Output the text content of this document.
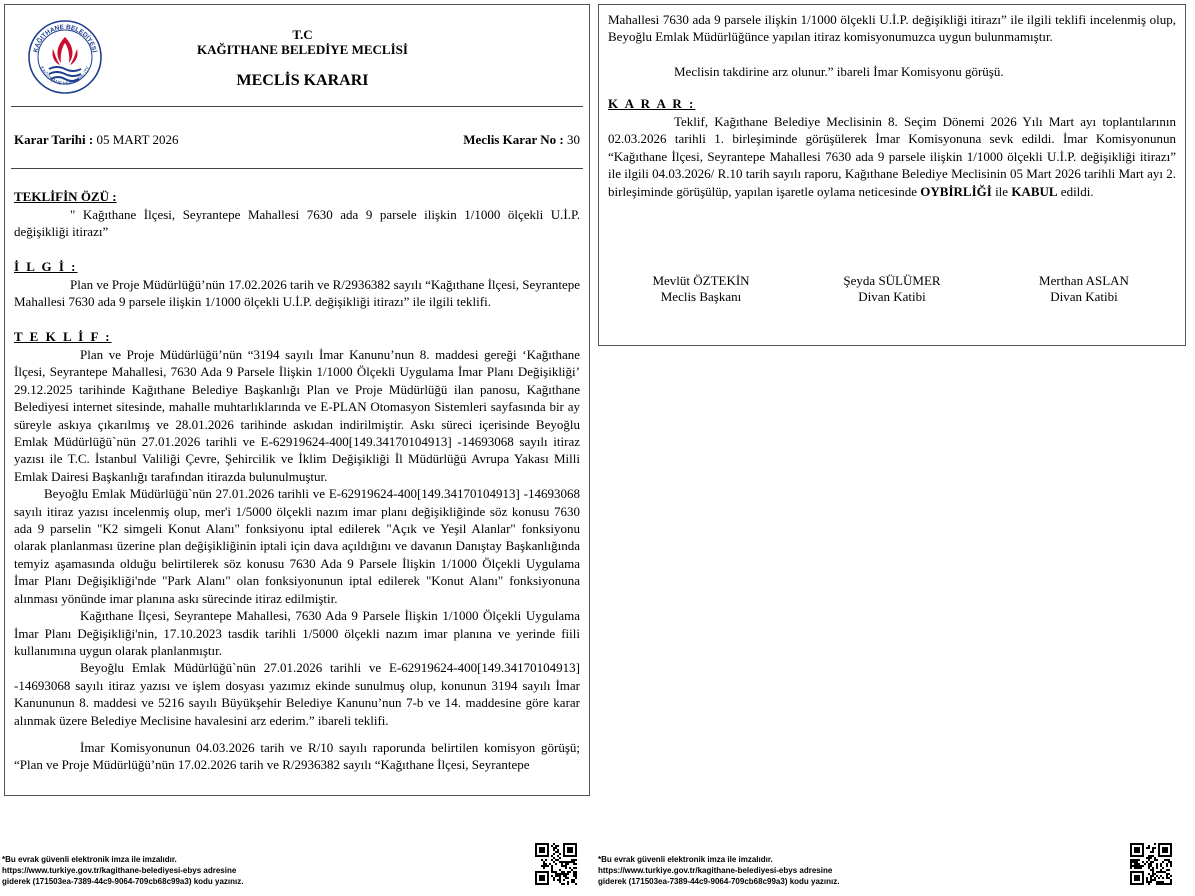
KAĞITHANE BELEDİYESİ
KAĞITHANE MUNICIPALITY
T.C
KAĞITHANE BELEDİYE MECLİSİ
MECLİS KARARI
Karar Tarihi : 05 MART 2026	Meclis Karar No : 30
TEKLİFİN ÖZÜ :
" Kağıthane İlçesi, Seyrantepe Mahallesi 7630 ada 9 parsele ilişkin 1/1000 ölçekli U.İ.P. değişikliği itirazı”
İ L G İ :
Plan ve Proje Müdürlüğü’nün 17.02.2026 tarih ve R/2936382 sayılı “Kağıthane İlçesi, Seyrantepe Mahallesi 7630 ada 9 parsele ilişkin 1/1000 ölçekli U.İ.P. değişikliği itirazı” ile ilgili teklifi.
T E K L İ F :
Plan ve Proje Müdürlüğü’nün “3194 sayılı İmar Kanunu’nun 8. maddesi gereği ‘Kağıthane İlçesi, Seyrantepe Mahallesi, 7630 Ada 9 Parsele İlişkin 1/1000 Ölçekli Uygulama İmar Planı Değişikliği’ 29.12.2025 tarihinde Kağıthane Belediye Başkanlığı Plan ve Proje Müdürlüğü ilan panosu, Kağıthane Belediyesi internet sitesinde, mahalle muhtarlıklarında ve E-PLAN Otomasyon Sistemleri sayfasında bir ay süreyle askıya çıkarılmış ve 28.01.2026 tarihinde askıdan indirilmiştir. Askı süreci içerisinde Beyoğlu Emlak Müdürlüğü`nün 27.01.2026 tarihli ve E-62919624-400[149.34170104913] -14693068 sayılı itiraz yazısı ile T.C. İstanbul Valiliği Çevre, Şehircilik ve İklim Değişikliği İl Müdürlüğü Avrupa Yakası Milli Emlak Dairesi Başkanlığı tarafından itirazda bulunulmuştur.
Beyoğlu Emlak Müdürlüğü`nün 27.01.2026 tarihli ve E-62919624-400[149.34170104913] -14693068 sayılı itiraz yazısı incelenmiş olup, mer'i 1/5000 ölçekli nazım imar planı değişikliğinde söz konusu 7630 ada 9 parselin "K2 simgeli Konut Alanı" fonksiyonu iptal edilerek "Açık ve Yeşil Alanlar" fonksiyonu olarak planlanması üzerine plan değişikliğinin iptali için dava açıldığını ve davanın Danıştay Başkanlığında temyiz aşamasında olduğu belirtilerek söz konusu 7630 Ada 9 Parsele İlişkin 1/1000 Ölçekli Uygulama İmar Planı Değişikliği'nde "Park Alanı" olan fonksiyonunun iptal edilerek "Konut Alanı" fonksiyonuna alınması yönünde imar planına askı sürecinde itiraz edilmiştir.
Kağıthane İlçesi, Seyrantepe Mahallesi, 7630 Ada 9 Parsele İlişkin 1/1000 Ölçekli Uygulama İmar Planı Değişikliği'nin, 17.10.2023 tasdik tarihli 1/5000 ölçekli nazım imar planına ve yerinde fiili kullanımına uygun olarak planlanmıştır.
Beyoğlu Emlak Müdürlüğü`nün 27.01.2026 tarihli ve E-62919624-400[149.34170104913] -14693068 sayılı itiraz yazısı ve işlem dosyası yazımız ekinde sunulmuş olup, konunun 3194 sayılı İmar Kanununun 8. maddesi ve 5216 sayılı Büyükşehir Belediye Kanunu’nun 7-b ve 14. maddesine göre karar alınmak üzere Belediye Meclisine havalesini arz ederim.” ibareli teklifi.
İmar Komisyonunun 04.03.2026 tarih ve R/10 sayılı raporunda belirtilen komisyon görüşü; “Plan ve Proje Müdürlüğü’nün 17.02.2026 tarih ve R/2936382 sayılı “Kağıthane İlçesi, Seyrantepe
Mahallesi 7630 ada 9 parsele ilişkin 1/1000 ölçekli U.İ.P. değişikliği itirazı” ile ilgili teklifi incelenmiş olup, Beyoğlu Emlak Müdürlüğünce yapılan itiraz komisyonumuzca uygun bulunmamıştır.
Meclisin takdirine arz olunur.” ibareli İmar Komisyonu görüşü.
K A R A R :
Teklif, Kağıthane Belediye Meclisinin 8. Seçim Dönemi 2026 Yılı Mart ayı toplantılarının 02.03.2026 tarihli 1. birleşiminde görüşülerek İmar Komisyonuna sevk edildi. İmar Komisyonunun “Kağıthane İlçesi, Seyrantepe Mahallesi 7630 ada 9 parsele ilişkin 1/1000 ölçekli U.İ.P. değişikliği itirazı” ile ilgili 04.03.2026/ R.10 tarih sayılı raporu, Kağıthane Belediye Meclisinin 05 Mart 2026 tarihli Mart ayı 2. birleşiminde görüşülüp, yapılan işaretle oylama neticesinde OYBİRLİĞİ ile KABUL edildi.
Mevlüt ÖZTEKİN
Meclis Başkanı
Şeyda SÜLÜMER
Divan Katibi
Merthan ASLAN
Divan Katibi
*Bu evrak güvenli elektronik imza ile imzalıdır.
https://www.turkiye.gov.tr/kagithane-belediyesi-ebys adresine
giderek (171503ea-7389-44c9-9064-709cb68c99a3) kodu yazınız.
*Bu evrak güvenli elektronik imza ile imzalıdır.
https://www.turkiye.gov.tr/kagithane-belediyesi-ebys adresine
giderek (171503ea-7389-44c9-9064-709cb68c99a3) kodu yazınız.
